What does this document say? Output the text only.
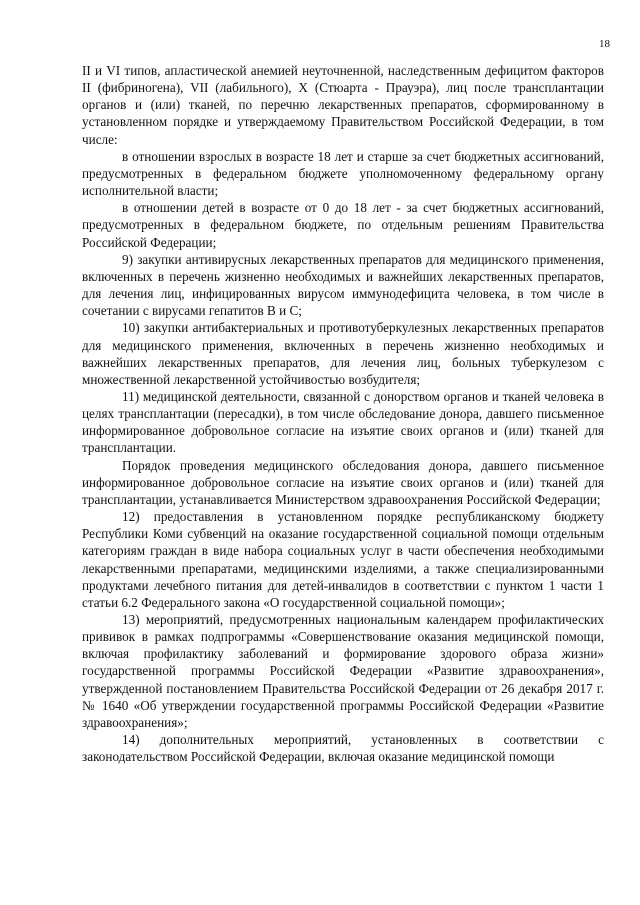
18

II и VI типов, апластической анемией неуточненной, наследственным дефицитом факторов II (фибриногена), VII (лабильного), X (Стюарта - Прауэра), лиц после трансплантации органов и (или) тканей, по перечню лекарственных препаратов, сформированному в установленном порядке и утверждаемому Правительством Российской Федерации, в том числе:

в отношении взрослых в возрасте 18 лет и старше за счет бюджетных ассигнований, предусмотренных в федеральном бюджете уполномоченному федеральному органу исполнительной власти;

в отношении детей в возрасте от 0 до 18 лет - за счет бюджетных ассигнований, предусмотренных в федеральном бюджете, по отдельным решениям Правительства Российской Федерации;

9) закупки антивирусных лекарственных препаратов для медицинского применения, включенных в перечень жизненно необходимых и важнейших лекарственных препаратов, для лечения лиц, инфицированных вирусом иммунодефицита человека, в том числе в сочетании с вирусами гепатитов B и C;

10) закупки антибактериальных и противотуберкулезных лекарственных препаратов для медицинского применения, включенных в перечень жизненно необходимых и важнейших лекарственных препаратов, для лечения лиц, больных туберкулезом с множественной лекарственной устойчивостью возбудителя;

11) медицинской деятельности, связанной с донорством органов и тканей человека в целях трансплантации (пересадки), в том числе обследование донора, давшего письменное информированное добровольное согласие на изъятие своих органов и (или) тканей для трансплантации.

Порядок проведения медицинского обследования донора, давшего письменное информированное добровольное согласие на изъятие своих органов и (или) тканей для трансплантации, устанавливается Министерством здравоохранения Российской Федерации;

12) предоставления в установленном порядке республиканскому бюджету Республики Коми субвенций на оказание государственной социальной помощи отдельным категориям граждан в виде набора социальных услуг в части обеспечения необходимыми лекарственными препаратами, медицинскими изделиями, а также специализированными продуктами лечебного питания для детей-инвалидов в соответствии с пунктом 1 части 1 статьи 6.2 Федерального закона «О государственной социальной помощи»;

13) мероприятий, предусмотренных национальным календарем профилактических прививок в рамках подпрограммы «Совершенствование оказания медицинской помощи, включая профилактику заболеваний и формирование здорового образа жизни» государственной программы Российской Федерации «Развитие здравоохранения», утвержденной постановлением Правительства Российской Федерации от 26 декабря 2017 г. № 1640 «Об утверждении государственной программы Российской Федерации «Развитие здравоохранения»;

14) дополнительных мероприятий, установленных в соответствии с законодательством Российской Федерации, включая оказание медицинской помощи
